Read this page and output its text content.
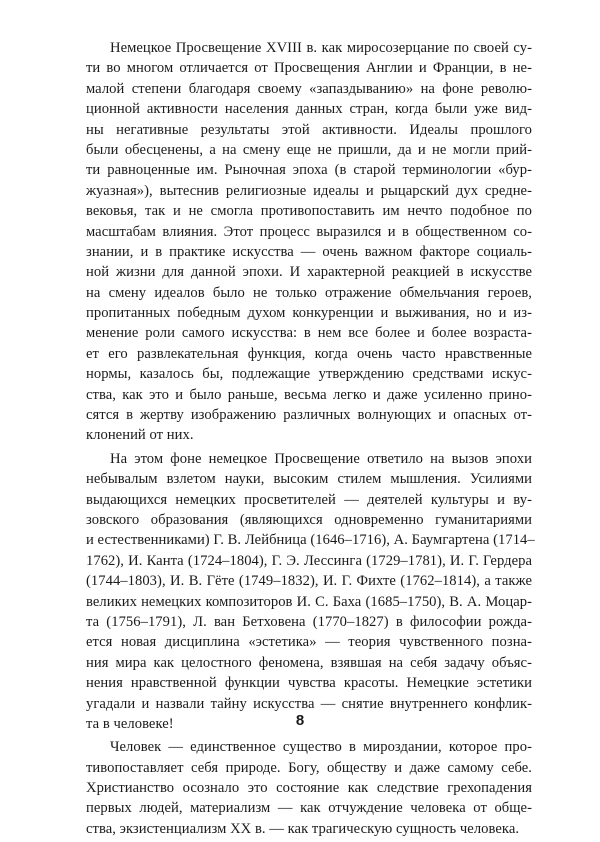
Немецкое Просвещение XVIII в. как миросозерцание по своей су-
ти во многом отличается от Просвещения Англии и Франции, в не-
малой степени благодаря своему «запаздыванию» на фоне револю-
ционной активности населения данных стран, когда были уже вид-
ны негативные результаты этой активности. Идеалы прошлого
были обесценены, а на смену еще не пришли, да и не могли прий-
ти равноценные им. Рыночная эпоха (в старой терминологии «бур-
жуазная»), вытеснив религиозные идеалы и рыцарский дух средне-
вековья, так и не смогла противопоставить им нечто подобное по
масштабам влияния. Этот процесс выразился и в общественном со-
знании, и в практике искусства — очень важном факторе социаль-
ной жизни для данной эпохи. И характерной реакцией в искусстве
на смену идеалов было не только отражение обмельчания героев,
пропитанных победным духом конкуренции и выживания, но и из-
менение роли самого искусства: в нем все более и более возраста-
ет его развлекательная функция, когда очень часто нравственные
нормы, казалось бы, подлежащие утверждению средствами искус-
ства, как это и было раньше, весьма легко и даже усиленно прино-
сятся в жертву изображению различных волнующих и опасных от-
клонений от них.

На этом фоне немецкое Просвещение ответило на вызов эпохи
небывалым взлетом науки, высоким стилем мышления. Усилиями
выдающихся немецких просветителей — деятелей культуры и ву-
зовского образования (являющихся одновременно гуманитариями
и естественниками) Г. В. Лейбница (1646–1716), А. Баумгартена (1714–
1762), И. Канта (1724–1804), Г. Э. Лессинга (1729–1781), И. Г. Гердера
(1744–1803), И. В. Гёте (1749–1832), И. Г. Фихте (1762–1814), а также
великих немецких композиторов И. С. Баха (1685–1750), В. А. Моцар-
та (1756–1791), Л. ван Бетховена (1770–1827) в философии рожда-
ется новая дисциплина «эстетика» — теория чувственного позна-
ния мира как целостного феномена, взявшая на себя задачу объяс-
нения нравственной функции чувства красоты. Немецкие эстетики
угадали и назвали тайну искусства — снятие внутреннего конфлик-
та в человеке!

Человек — единственное существо в мироздании, которое про-
тивопоставляет себя природе. Богу, обществу и даже самому себе.
Христианство осознало это состояние как следствие грехопадения
первых людей, материализм — как отчуждение человека от обще-
ства, экзистенциализм XX в. — как трагическую сущность человека.

8
